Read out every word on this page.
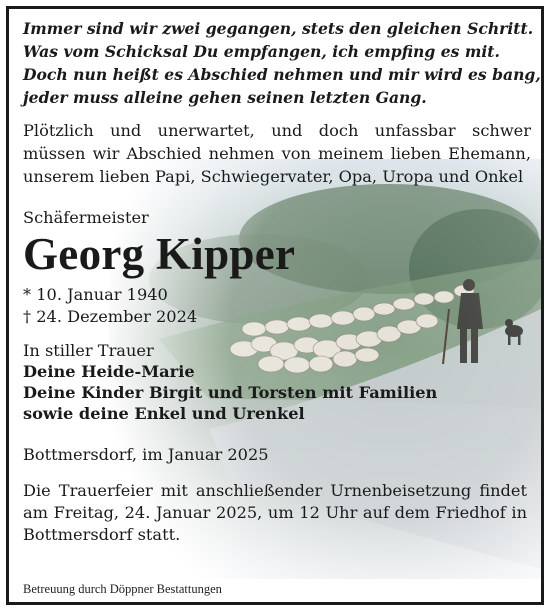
Immer sind wir zwei gegangen, stets den gleichen Schritt.
Was vom Schicksal Du empfangen, ich empfing es mit.
Doch nun heißt es Abschied nehmen und mir wird es bang,
jeder muss alleine gehen seinen letzten Gang.
Plötzlich und unerwartet, und doch unfassbar schwer müssen wir Abschied nehmen von meinem lieben Ehemann, unserem lieben Papi, Schwiegervater, Opa, Uropa und Onkel
Schäfermeister
Georg Kipper
* 10. Januar 1940
† 24. Dezember 2024
In stiller Trauer
Deine Heide-Marie
Deine Kinder Birgit und Torsten mit Familien
sowie deine Enkel und Urenkel
Bottmersdorf, im Januar 2025
Die Trauerfeier mit anschließender Urnenbeisetzung findet am Freitag, 24. Januar 2025, um 12 Uhr auf dem Friedhof in Bottmersdorf statt.
Betreuung durch Döppner Bestattungen
